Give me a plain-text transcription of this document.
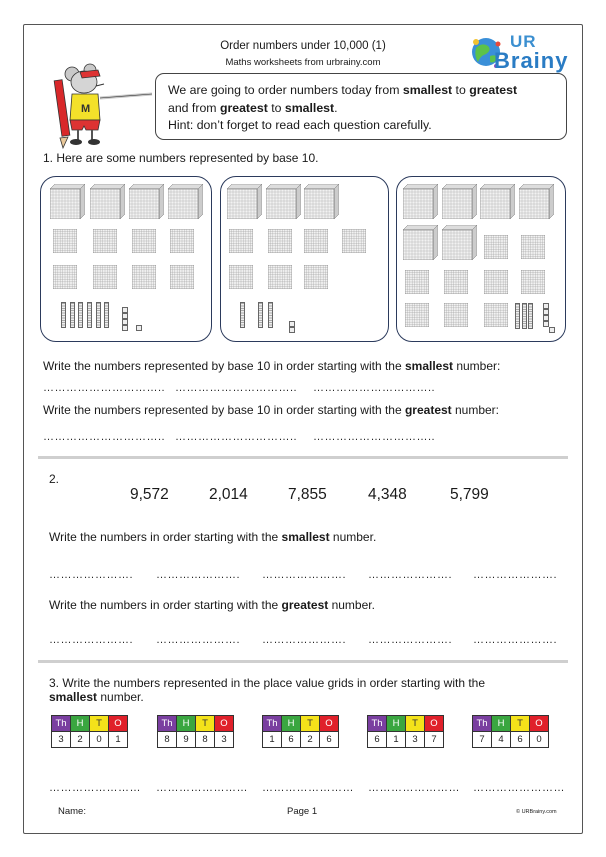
Order numbers under 10,000 (1)
Maths worksheets from urbrainy.com
UR
Brainy
M
We are going to order numbers today from smallest to greatest
and from greatest to smallest.
Hint: don’t forget to read each question carefully.
1. Here are some numbers represented by base 10.
Write the numbers represented by base 10 in order starting with the smallest number:
………………………….. ………………………….. …………………………..
Write the numbers represented by base 10 in order starting with the greatest number:
………………………….. ………………………….. …………………………..
2.
9,572	2,014	7,855	4,348	5,799
Write the numbers in order starting with the smallest number.
…………………. …………………. …………………. …………………. ………………….
Write the numbers in order starting with the greatest number.
…………………. …………………. …………………. …………………. ………………….
3. Write the numbers represented in the place value grids in order starting with the
smallest number.
Th	H	T	O
3	2	0	1
Th	H	T	O
8	9	8	3
Th	H	T	O
1	6	2	6
Th	H	T	O
6	1	3	7
Th	H	T	O
7	4	6	0
…………………… …………………… …………………… …………………… ……………………
Name:	Page 1	© URBrainy.com
